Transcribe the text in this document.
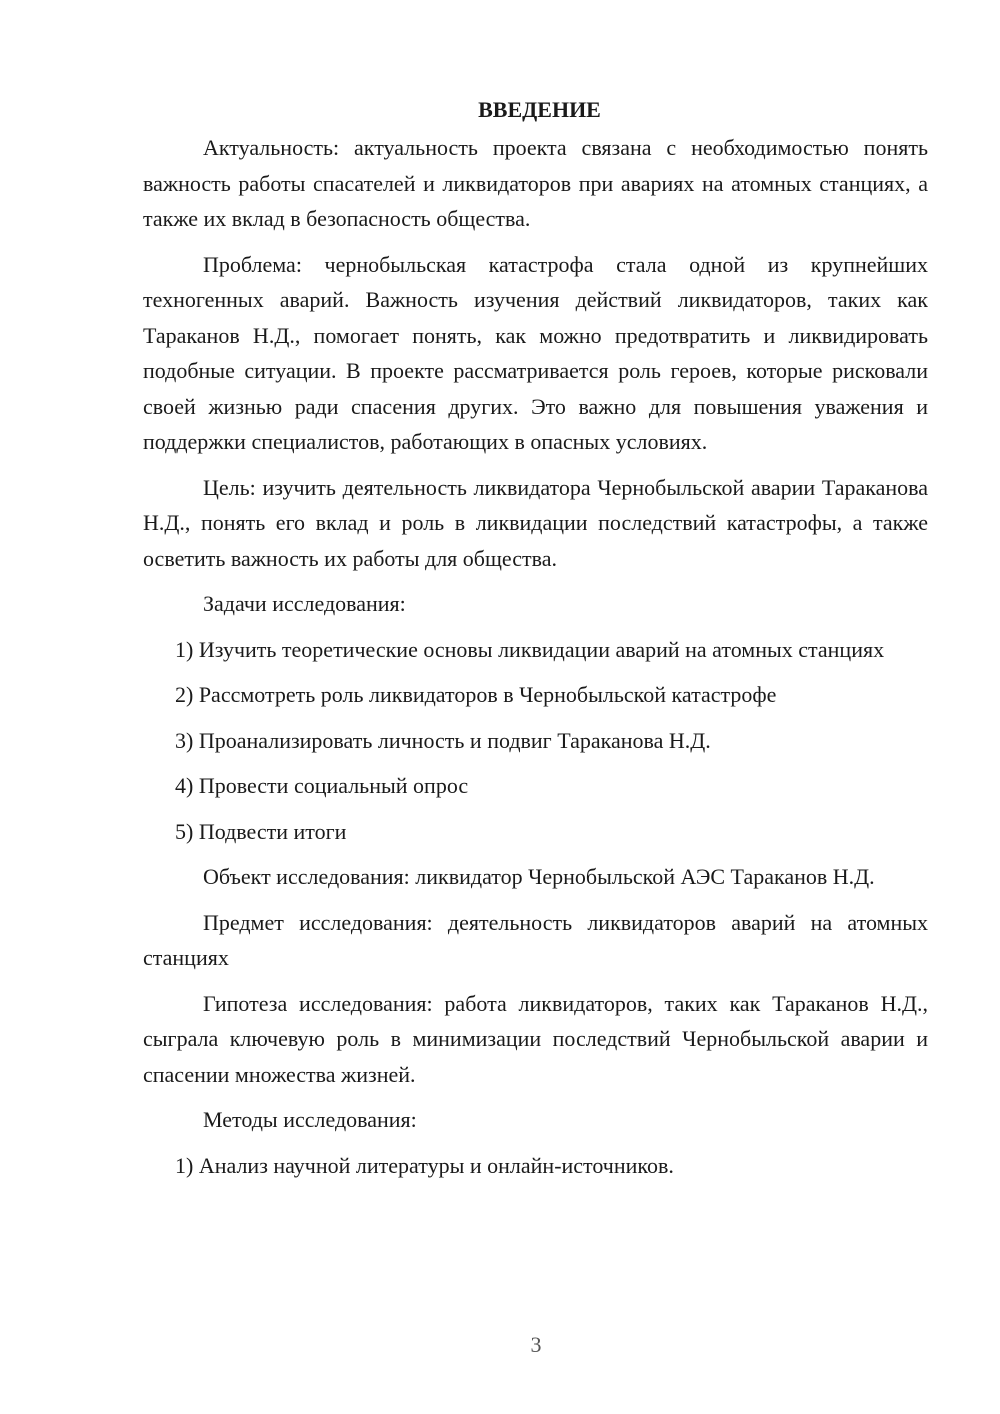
ВВЕДЕНИЕ

Актуальность: актуальность проекта связана с необходимостью понять важность работы спасателей и ликвидаторов при авариях на атомных станциях, а также их вклад в безопасность общества.

Проблема: чернобыльская катастрофа стала одной из крупнейших техногенных аварий. Важность изучения действий ликвидаторов, таких как Тараканов Н.Д., помогает понять, как можно предотвратить и ликвидировать подобные ситуации. В проекте рассматривается роль героев, которые рисковали своей жизнью ради спасения других. Это важно для повышения уважения и поддержки специалистов, работающих в опасных условиях.

Цель: изучить деятельность ликвидатора Чернобыльской аварии Тараканова Н.Д., понять его вклад и роль в ликвидации последствий катастрофы, а также осветить важность их работы для общества.

Задачи исследования:

1) Изучить теоретические основы ликвидации аварий на атомных станциях

2) Рассмотреть роль ликвидаторов в Чернобыльской катастрофе

3) Проанализировать личность и подвиг Тараканова Н.Д.

4) Провести социальный опрос

5) Подвести итоги

Объект исследования: ликвидатор Чернобыльской АЭС Тараканов Н.Д.

Предмет исследования: деятельность ликвидаторов аварий на атомных станциях

Гипотеза исследования: работа ликвидаторов, таких как Тараканов Н.Д., сыграла ключевую роль в минимизации последствий Чернобыльской аварии и спасении множества жизней.

Методы исследования:

1) Анализ научной литературы и онлайн-источников.

3
